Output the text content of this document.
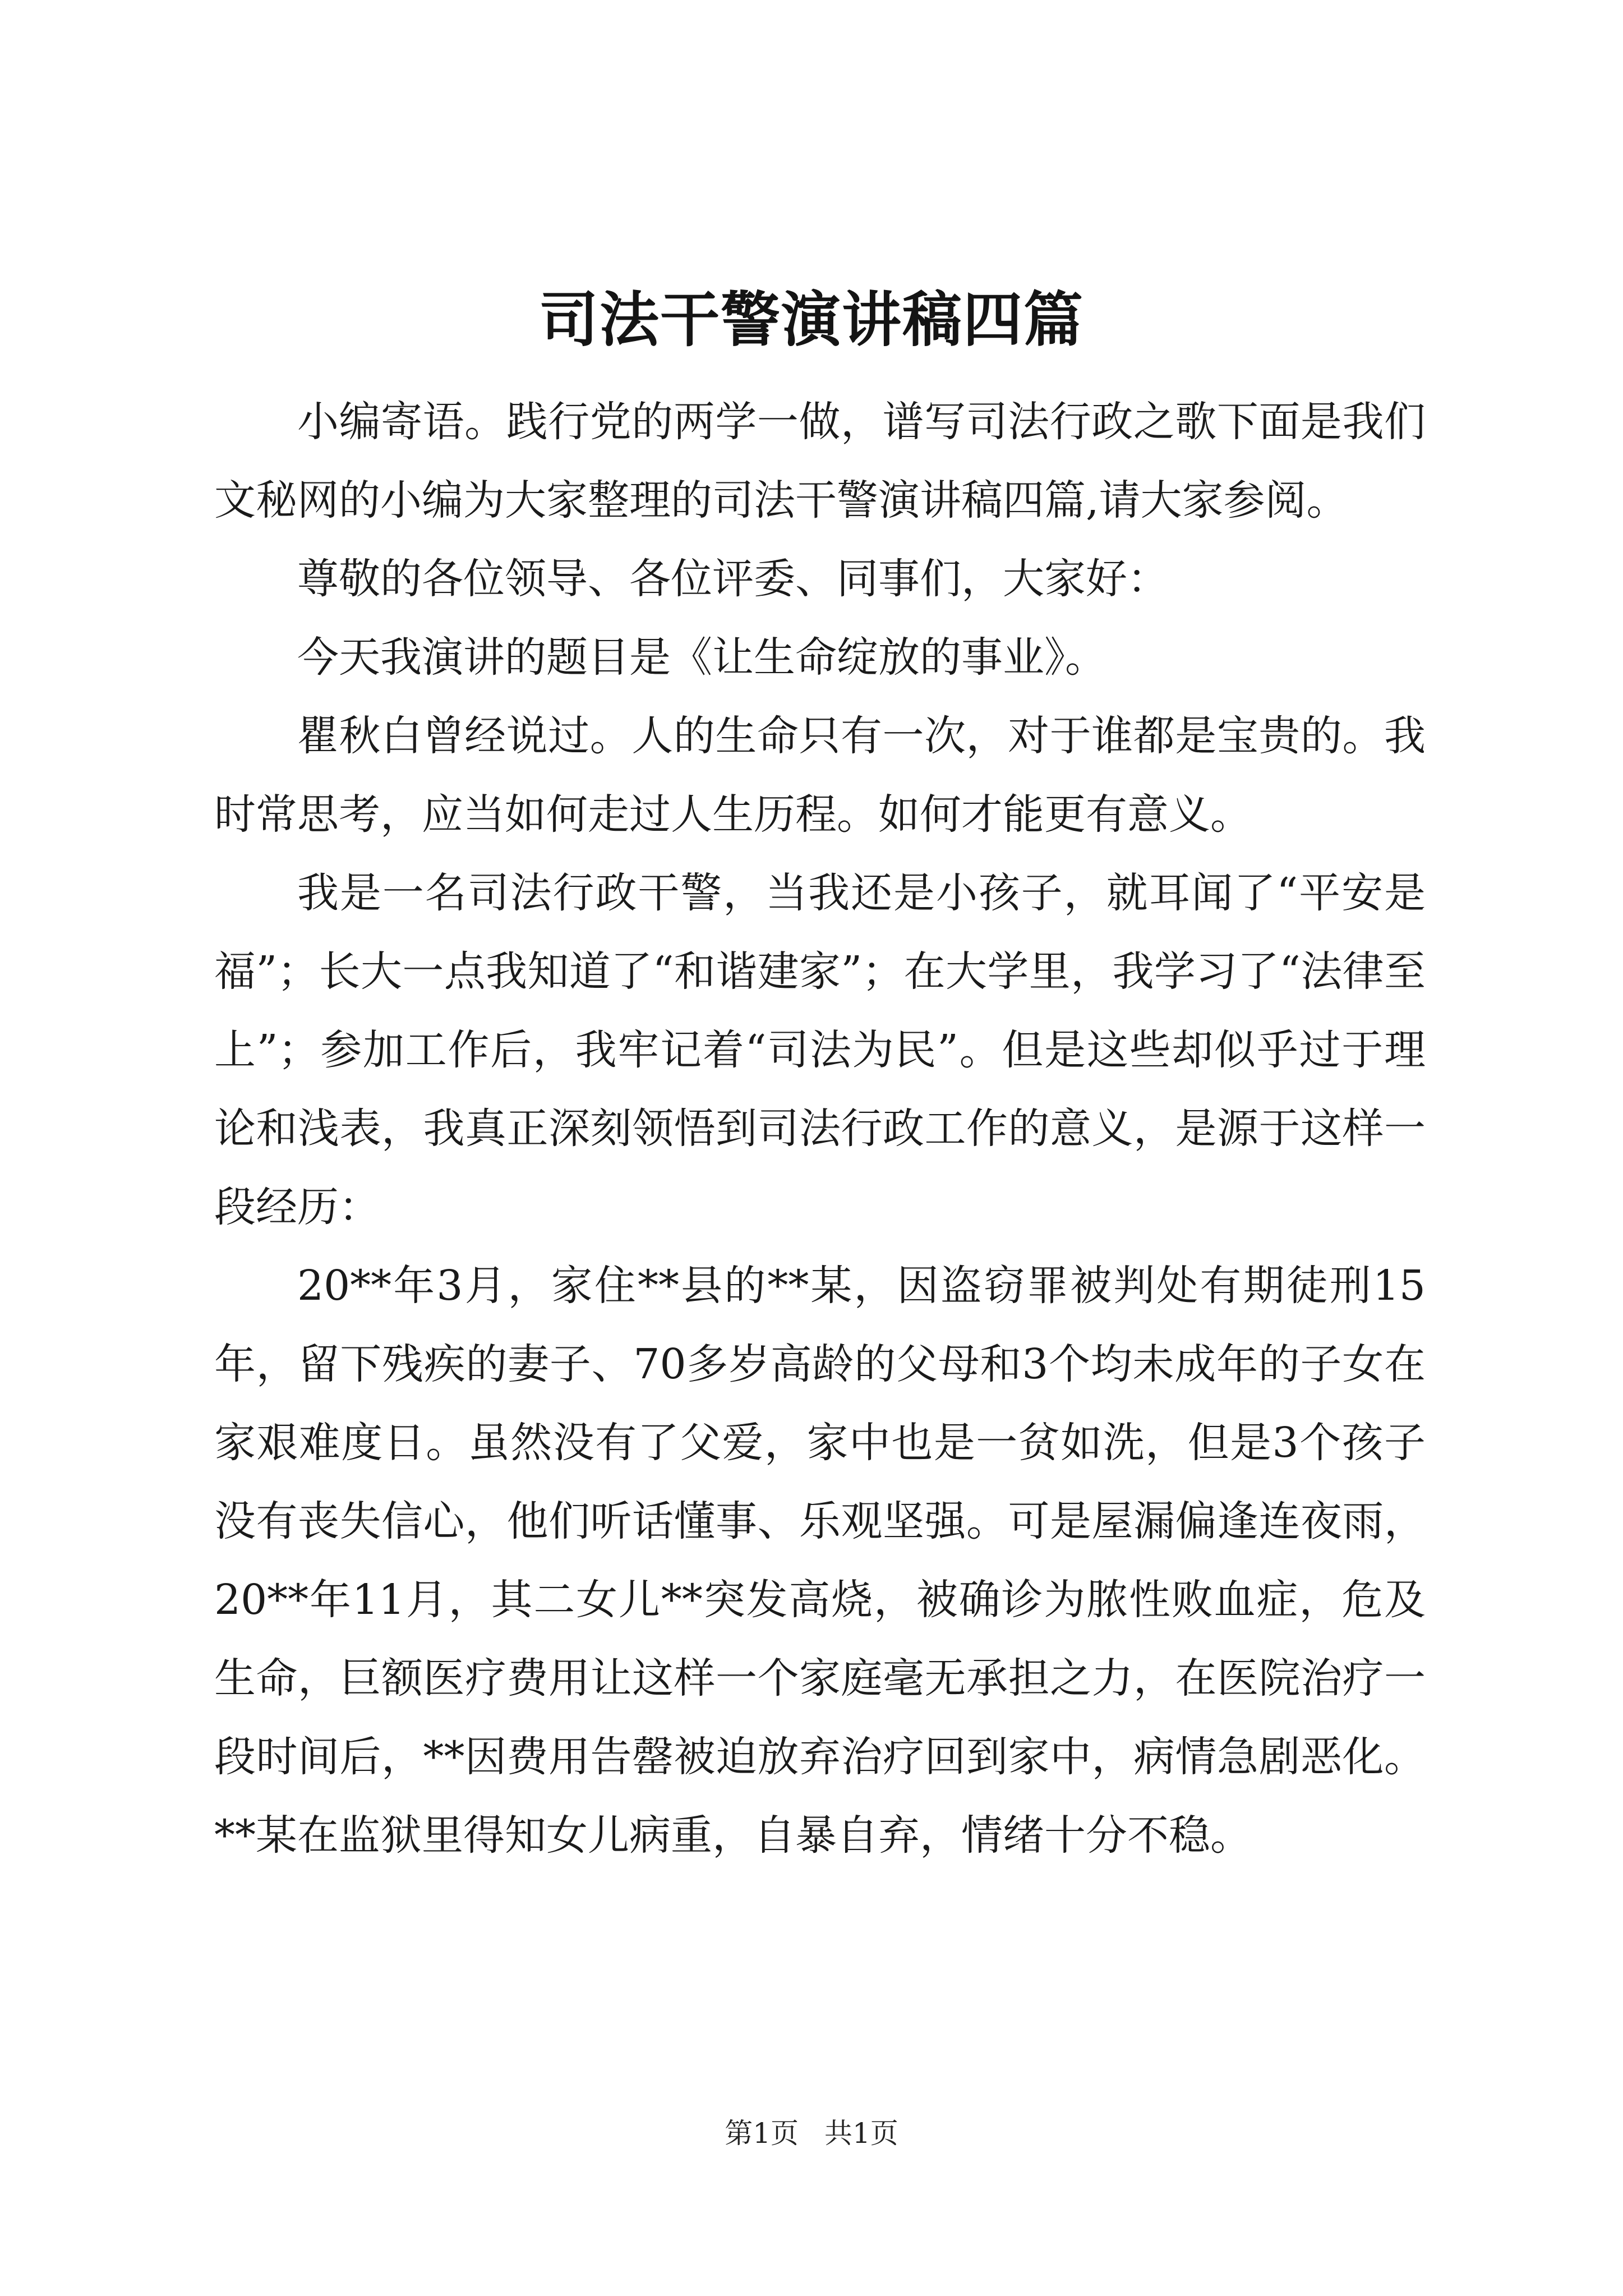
司法干警演讲稿四篇

小编寄语。践行党的两学一做，谱写司法行政之歌下面是我们文秘网的小编为大家整理的司法干警演讲稿四篇,请大家参阅。

尊敬的各位领导、各位评委、同事们，大家好：

今天我演讲的题目是《让生命绽放的事业》。

瞿秋白曾经说过。人的生命只有一次，对于谁都是宝贵的。我时常思考，应当如何走过人生历程。如何才能更有意义。

我是一名司法行政干警，当我还是小孩子，就耳闻了“平安是福”；长大一点我知道了“和谐建家”；在大学里，我学习了“法律至上”；参加工作后，我牢记着“司法为民”。但是这些却似乎过于理论和浅表，我真正深刻领悟到司法行政工作的意义，是源于这样一段经历：

20**年3月，家住**县的**某，因盗窃罪被判处有期徒刑15年，留下残疾的妻子、70多岁高龄的父母和3个均未成年的子女在家艰难度日。虽然没有了父爱，家中也是一贫如洗，但是3个孩子没有丧失信心，他们听话懂事、乐观坚强。可是屋漏偏逢连夜雨，20**年11月，其二女儿**突发高烧，被确诊为脓性败血症，危及生命，巨额医疗费用让这样一个家庭毫无承担之力，在医院治疗一段时间后，**因费用告罄被迫放弃治疗回到家中，病情急剧恶化。**某在监狱里得知女儿病重，自暴自弃，情绪十分不稳。

第1页 共1页
